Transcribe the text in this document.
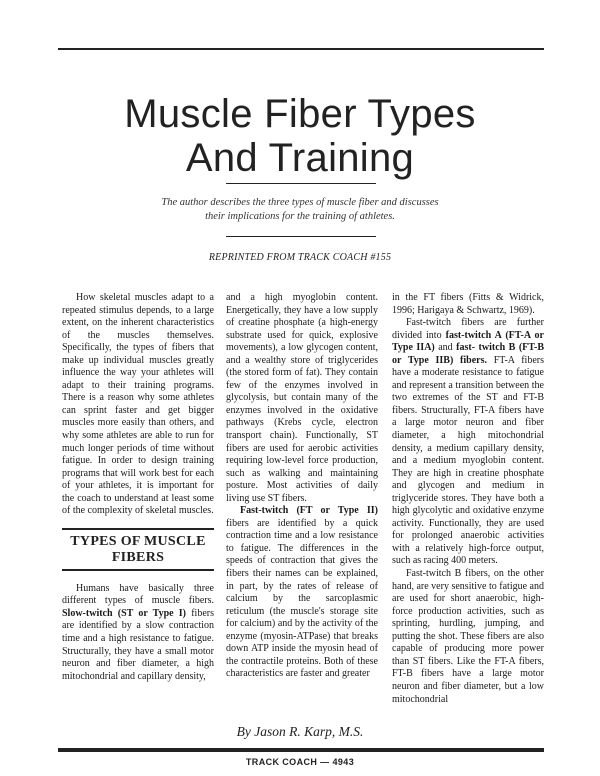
Muscle Fiber Types
And Training
The author describes the three types of muscle fiber and discusses
their implications for the training of athletes.
REPRINTED FROM TRACK COACH #155

How skeletal muscles adapt to a repeated stimulus depends, to a large extent, on the inherent characteristics of the muscles themselves. Specifically, the types of fibers that make up individual muscles greatly influence the way your athletes will adapt to their training programs. There is a reason why some athletes can sprint faster and get bigger muscles more easily than others, and why some athletes are able to run for much longer periods of time without fatigue. In order to design training programs that will work best for each of your athletes, it is important for the coach to understand at least some of the complexity of skeletal muscles.

TYPES OF MUSCLE
FIBERS

Humans have basically three different types of muscle fibers. Slow-twitch (ST or Type I) fibers are identified by a slow contraction time and a high resistance to fatigue. Structurally, they have a small motor neuron and fiber diameter, a high mitochondrial and capillary density,

and a high myoglobin content. Energetically, they have a low supply of creatine phosphate (a high-energy substrate used for quick, explosive movements), a low glycogen content, and a wealthy store of triglycerides (the stored form of fat). They contain few of the enzymes involved in glycolysis, but contain many of the enzymes involved in the oxidative pathways (Krebs cycle, electron transport chain). Functionally, ST fibers are used for aerobic activities requiring low-level force production, such as walking and maintaining posture. Most activities of daily living use ST fibers.

Fast-twitch (FT or Type II) fibers are identified by a quick contraction time and a low resistance to fatigue. The differences in the speeds of contraction that gives the fibers their names can be explained, in part, by the rates of release of calcium by the sarcoplasmic reticulum (the muscle's storage site for calcium) and by the activity of the enzyme (myosin-ATPase) that breaks down ATP inside the myosin head of the contractile proteins. Both of these characteristics are faster and greater

in the FT fibers (Fitts & Widrick, 1996; Harigaya & Schwartz, 1969).

Fast-twitch fibers are further divided into fast-twitch A (FT-A or Type IIA) and fast- twitch B (FT-B or Type IIB) fibers. FT-A fibers have a moderate resistance to fatigue and represent a transition between the two extremes of the ST and FT-B fibers. Structurally, FT-A fibers have a large motor neuron and fiber diameter, a high mitochondrial density, a medium capillary density, and a medium myoglobin content. They are high in creatine phosphate and glycogen and medium in triglyceride stores. They have both a high glycolytic and oxidative enzyme activity. Functionally, they are used for prolonged anaerobic activities with a relatively high-force output, such as racing 400 meters.

Fast-twitch B fibers, on the other hand, are very sensitive to fatigue and are used for short anaerobic, high-force production activities, such as sprinting, hurdling, jumping, and putting the shot. These fibers are also capable of producing more power than ST fibers. Like the FT-A fibers, FT-B fibers have a large motor neuron and fiber diameter, but a low mitochondrial

By Jason R. Karp, M.S.
TRACK COACH — 4943
